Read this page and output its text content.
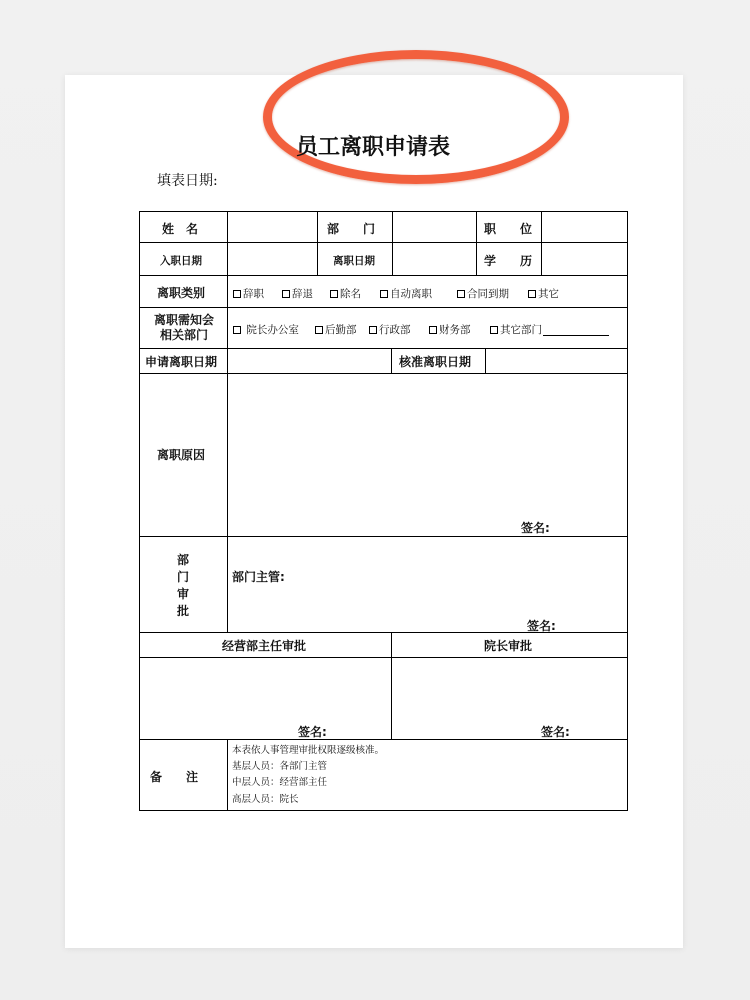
员工离职申请表
填表日期:
姓　名	部　　门	职　　位
入职日期	离职日期	学　　历
离职类别	辞职	辞退	除名	自动离职	合同到期	其它
离职需知会相关部门	院长办公室	后勤部	行政部	财务部	其它部门
申请离职日期	核准离职日期
离职原因
签名:
部门审批
部门主管:
签名:
经营部主任审批	院长审批
签名:	签名:
备　　注
本表依人事管理审批权限逐级核准。
基层人员：各部门主管
中层人员：经营部主任
高层人员：院长
